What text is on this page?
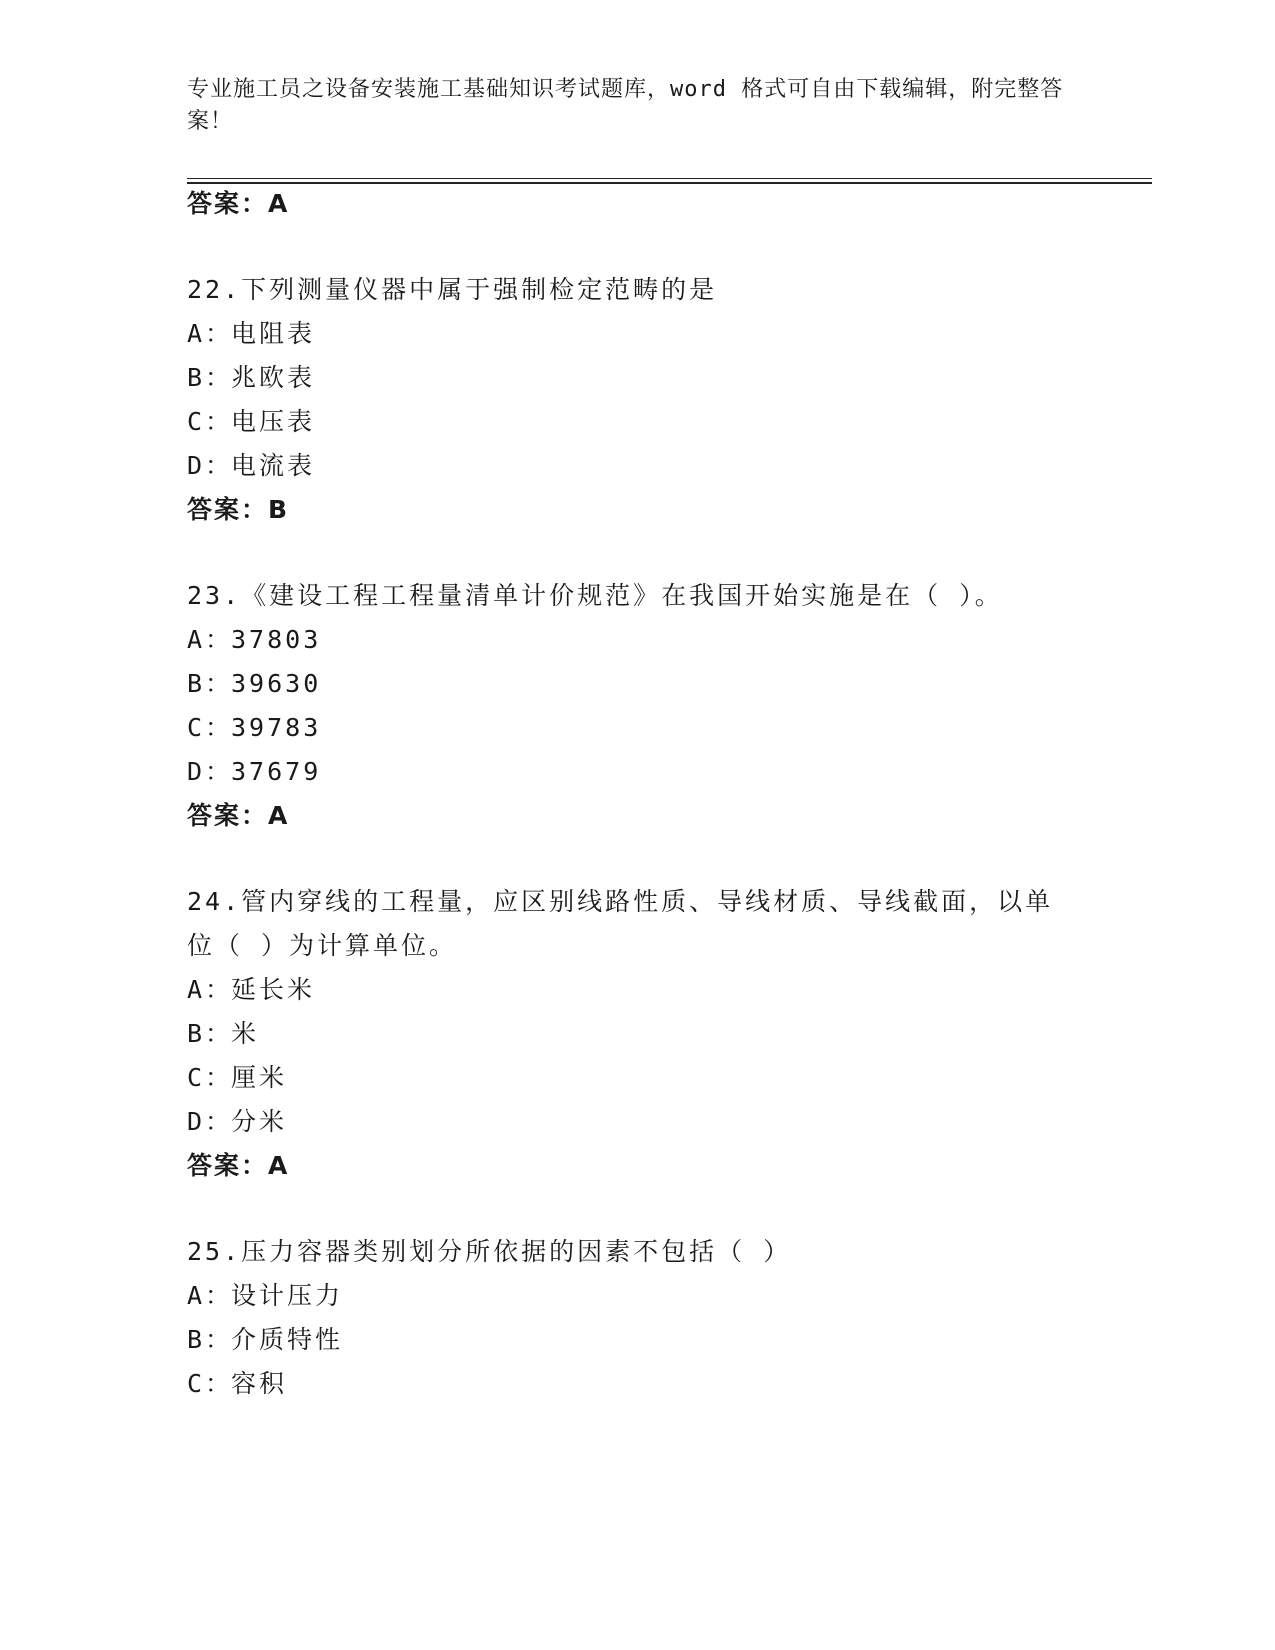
专业施工员之设备安装施工基础知识考试题库，word 格式可自由下载编辑，附完整答案！
答案：A
22.下列测量仪器中属于强制检定范畴的是
A：电阻表
B：兆欧表
C：电压表
D：电流表
答案：B
23.《建设工程工程量清单计价规范》在我国开始实施是在（ ）。
A：37803
B：39630
C：39783
D：37679
答案：A
24.管内穿线的工程量，应区别线路性质、导线材质、导线截面，以单
位（ ）为计算单位。
A：延长米
B：米
C：厘米
D：分米
答案：A
25.压力容器类别划分所依据的因素不包括（ ）
A：设计压力
B：介质特性
C：容积
